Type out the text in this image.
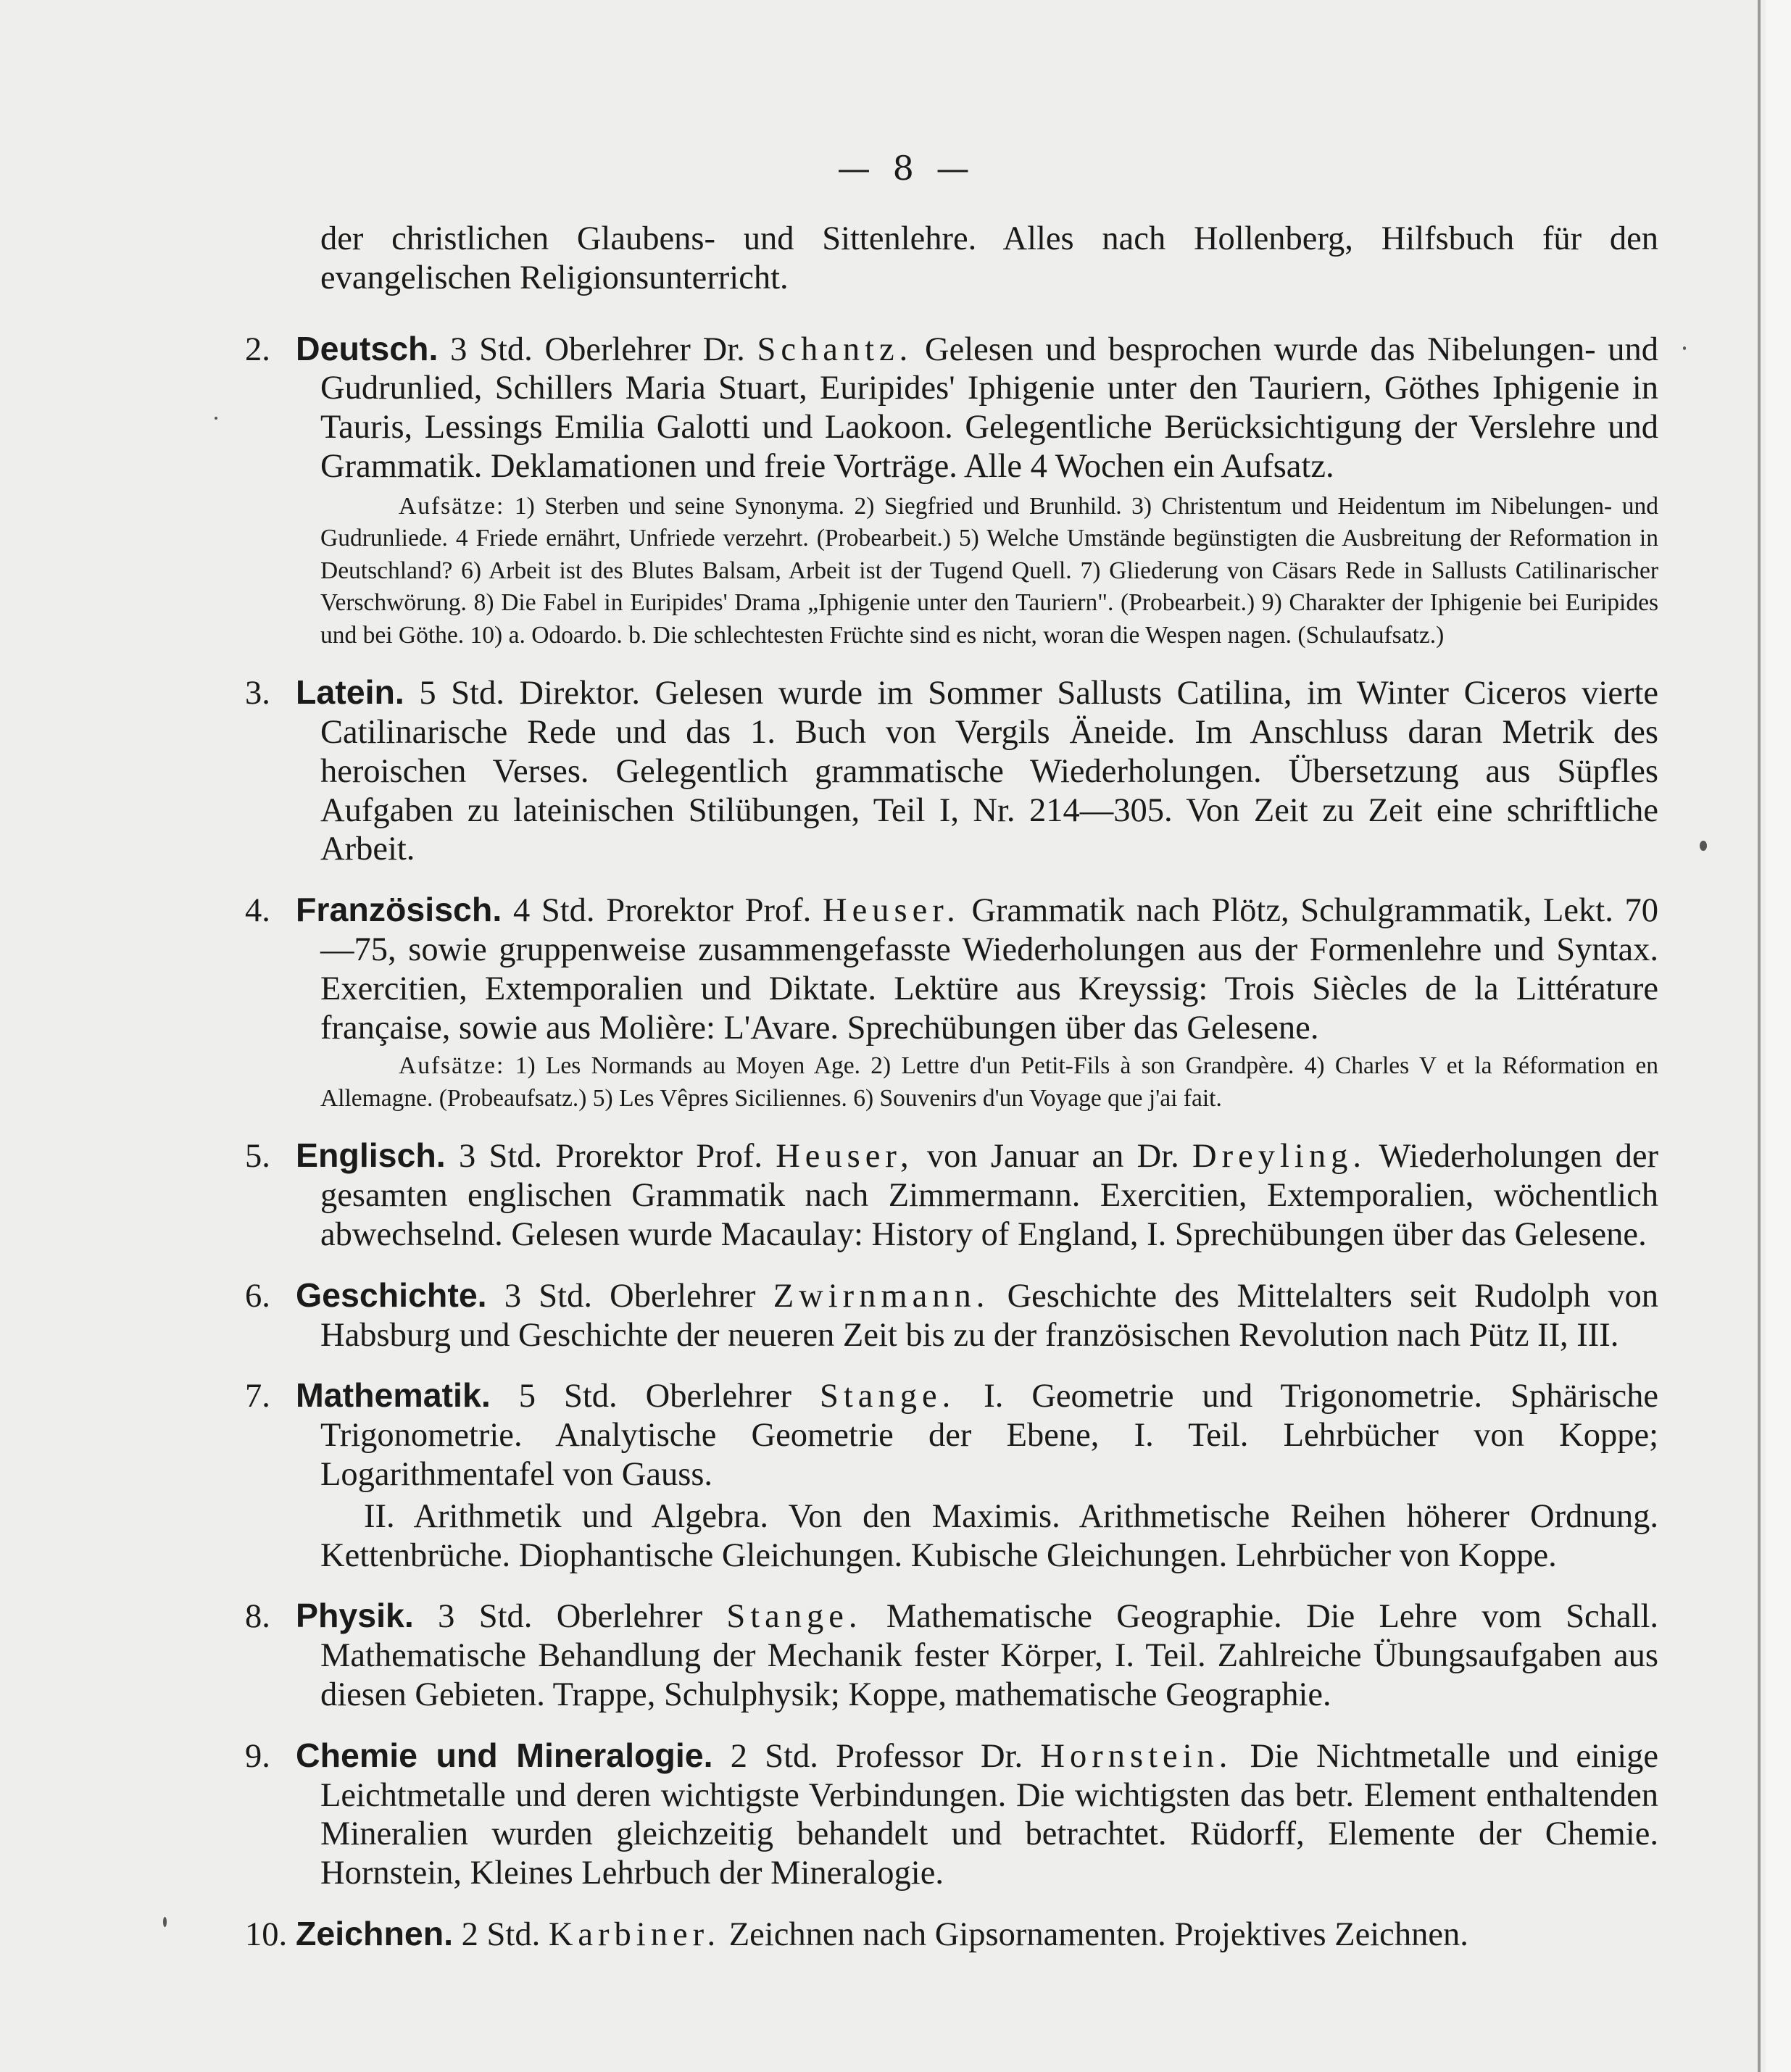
— 8 —
der christlichen Glaubens- und Sittenlehre. Alles nach Hollenberg, Hilfsbuch für den evangelischen Religionsunterricht.
2. Deutsch. 3 Std. Oberlehrer Dr. Schantz. Gelesen und besprochen wurde das Nibelungen- und Gudrunlied, Schillers Maria Stuart, Euripides' Iphigenie unter den Tauriern, Göthes Iphigenie in Tauris, Lessings Emilia Galotti und Laokoon. Gelegentliche Berücksichtigung der Verslehre und Grammatik. Deklamationen und freie Vorträge. Alle 4 Wochen ein Aufsatz.
Aufsätze: 1) Sterben und seine Synonyma. 2) Siegfried und Brunhild. 3) Christentum und Heidentum im Nibelungen- und Gudrunliede. 4 Friede ernährt, Unfriede verzehrt. (Probearbeit.) 5) Welche Umstände begünstigten die Ausbreitung der Reformation in Deutschland? 6) Arbeit ist des Blutes Balsam, Arbeit ist der Tugend Quell. 7) Gliederung von Cäsars Rede in Sallusts Catilinarischer Verschwörung. 8) Die Fabel in Euripides' Drama „Iphigenie unter den Tauriern". (Probearbeit.) 9) Charakter der Iphigenie bei Euripides und bei Göthe. 10) a. Odoardo. b. Die schlechtesten Früchte sind es nicht, woran die Wespen nagen. (Schulaufsatz.)
3. Latein. 5 Std. Direktor. Gelesen wurde im Sommer Sallusts Catilina, im Winter Ciceros vierte Catilinarische Rede und das 1. Buch von Vergils Äneide. Im Anschluss daran Metrik des heroischen Verses. Gelegentlich grammatische Wiederholungen. Übersetzung aus Süpfles Aufgaben zu lateinischen Stilübungen, Teil I, Nr. 214—305. Von Zeit zu Zeit eine schriftliche Arbeit.
4. Französisch. 4 Std. Prorektor Prof. Heuser. Grammatik nach Plötz, Schulgrammatik, Lekt. 70—75, sowie gruppenweise zusammengefasste Wiederholungen aus der Formenlehre und Syntax. Exercitien, Extemporalien und Diktate. Lektüre aus Kreyssig: Trois Siècles de la Littérature française, sowie aus Molière: L'Avare. Sprechübungen über das Gelesene.
Aufsätze: 1) Les Normands au Moyen Age. 2) Lettre d'un Petit-Fils à son Grandpère. 4) Charles V et la Réformation en Allemagne. (Probeaufsatz.) 5) Les Vêpres Siciliennes. 6) Souvenirs d'un Voyage que j'ai fait.
5. Englisch. 3 Std. Prorektor Prof. Heuser, von Januar an Dr. Dreyling. Wiederholungen der gesamten englischen Grammatik nach Zimmermann. Exercitien, Extemporalien, wöchentlich abwechselnd. Gelesen wurde Macaulay: History of England, I. Sprechübungen über das Gelesene.
6. Geschichte. 3 Std. Oberlehrer Zwirnmann. Geschichte des Mittelalters seit Rudolph von Habsburg und Geschichte der neueren Zeit bis zu der französischen Revolution nach Pütz II, III.
7. Mathematik. 5 Std. Oberlehrer Stange. I. Geometrie und Trigonometrie. Sphärische Trigonometrie. Analytische Geometrie der Ebene, I. Teil. Lehrbücher von Koppe; Logarithmentafel von Gauss.
II. Arithmetik und Algebra. Von den Maximis. Arithmetische Reihen höherer Ordnung. Kettenbrüche. Diophantische Gleichungen. Kubische Gleichungen. Lehrbücher von Koppe.
8. Physik. 3 Std. Oberlehrer Stange. Mathematische Geographie. Die Lehre vom Schall. Mathematische Behandlung der Mechanik fester Körper, I. Teil. Zahlreiche Übungsaufgaben aus diesen Gebieten. Trappe, Schulphysik; Koppe, mathematische Geographie.
9. Chemie und Mineralogie. 2 Std. Professor Dr. Hornstein. Die Nichtmetalle und einige Leichtmetalle und deren wichtigste Verbindungen. Die wichtigsten das betr. Element enthaltenden Mineralien wurden gleichzeitig behandelt und betrachtet. Rüdorff, Elemente der Chemie. Hornstein, Kleines Lehrbuch der Mineralogie.
10. Zeichnen. 2 Std. Karbiner. Zeichnen nach Gipsornamenten. Projektives Zeichnen.
